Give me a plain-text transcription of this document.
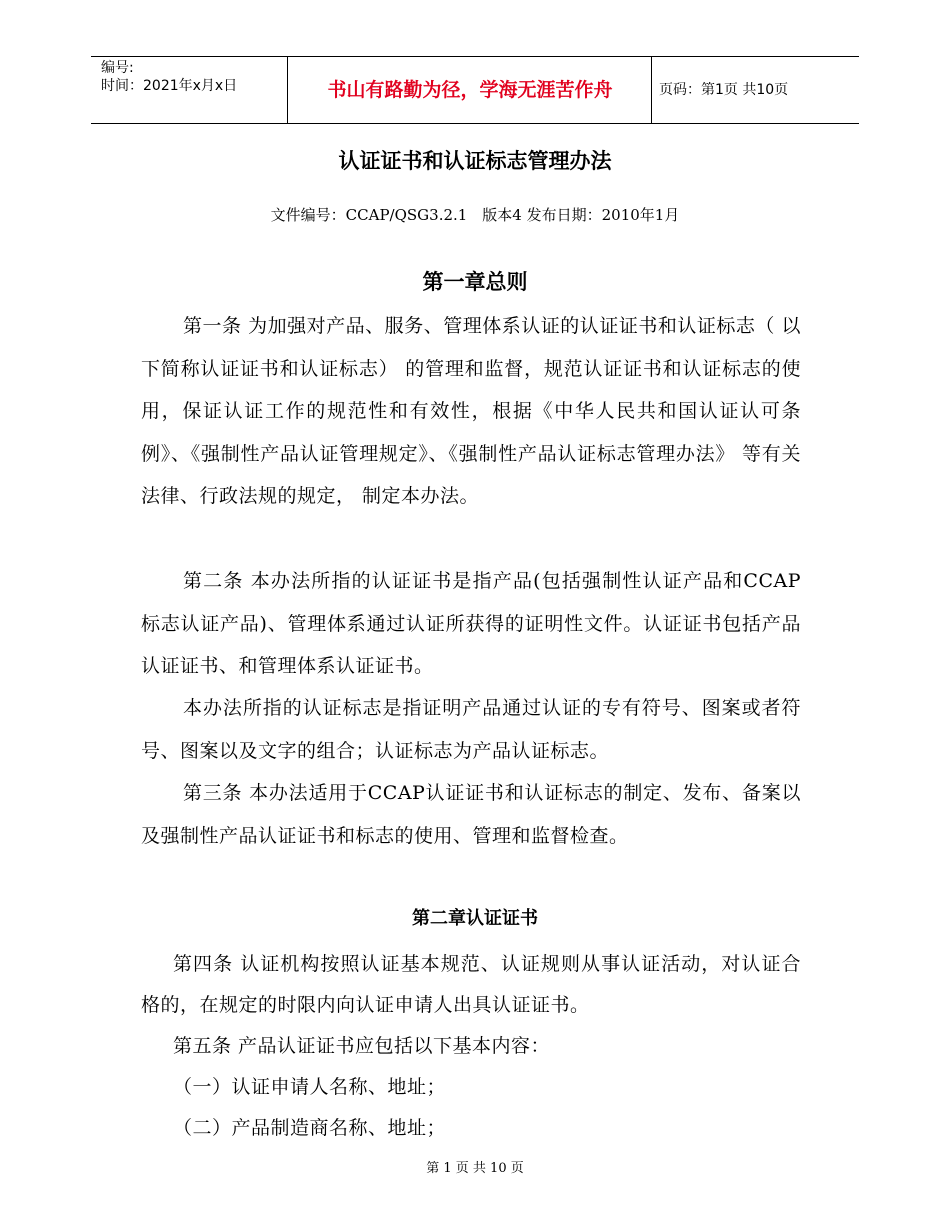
编号:
时间：2021年x月x日	书山有路勤为径，学海无涯苦作舟	页码：第1页 共10页
认证证书和认证标志管理办法
文件编号：CCAP/QSG3.2.1　版本4 发布日期：2010年1月
第一章总则

第一条 为加强对产品、服务、管理体系认证的认证证书和认证标志（ 以下简称认证证书和认证标志） 的管理和监督，规范认证证书和认证标志的使用，保证认证工作的规范性和有效性，根据《中华人民共和国认证认可条例》、《强制性产品认证管理规定》、《强制性产品认证标志管理办法》 等有关法律、行政法规的规定， 制定本办法。

第二条 本办法所指的认证证书是指产品(包括强制性认证产品和CCAP标志认证产品)、管理体系通过认证所获得的证明性文件。认证证书包括产品认证证书、和管理体系认证证书。

本办法所指的认证标志是指证明产品通过认证的专有符号、图案或者符号、图案以及文字的组合；认证标志为产品认证标志。

第三条 本办法适用于CCAP认证证书和认证标志的制定、发布、备案以及强制性产品认证证书和标志的使用、管理和监督检查。

第二章认证证书

第四条 认证机构按照认证基本规范、认证规则从事认证活动，对认证合格的，在规定的时限内向认证申请人出具认证证书。

第五条 产品认证证书应包括以下基本内容：
（一）认证申请人名称、地址；
（二）产品制造商名称、地址；
第 1 页 共 10 页
